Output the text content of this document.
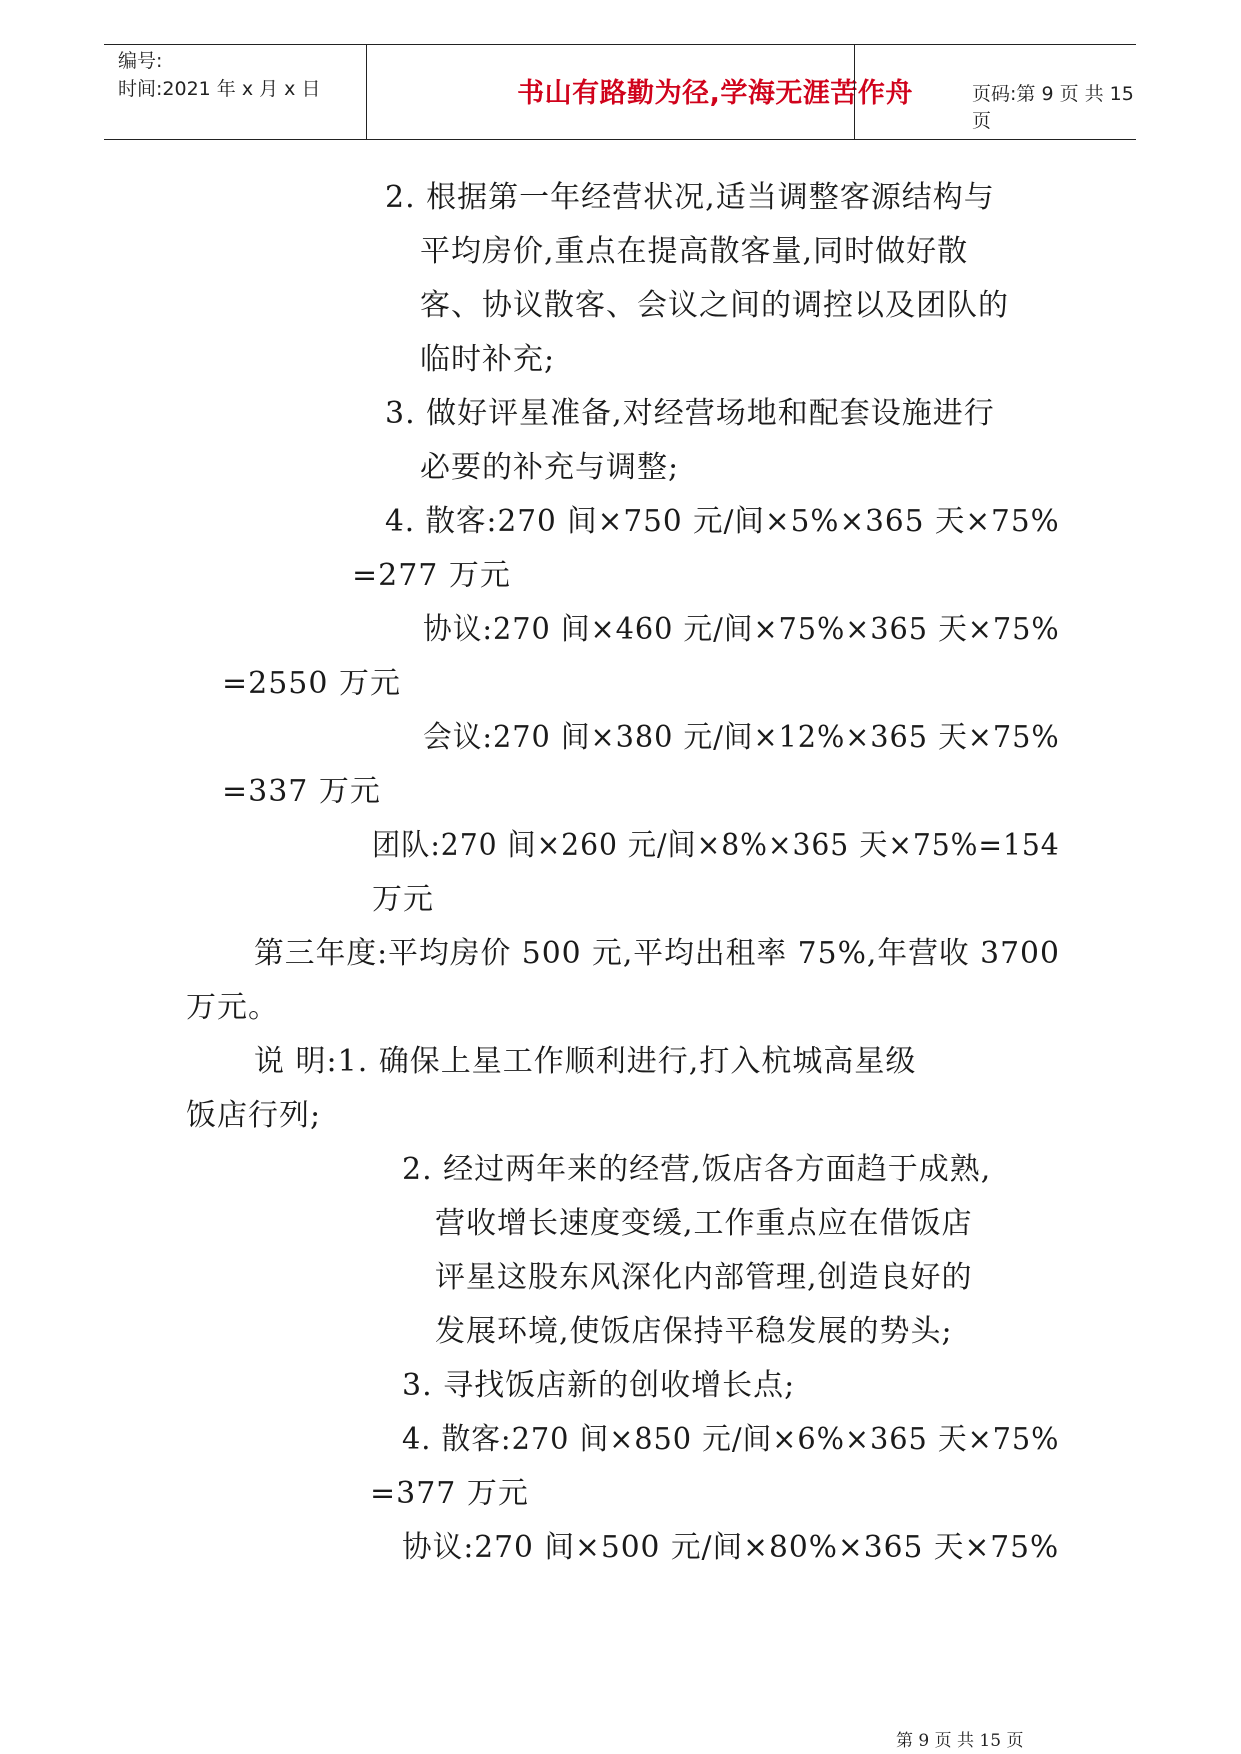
编号:
时间:2021 年 x 月 x 日	书山有路勤为径,学海无涯苦作舟	页码:第 9 页 共 15 页
2. 根据第一年经营状况,适当调整客源结构与
平均房价,重点在提高散客量,同时做好散
客、协议散客、会议之间的调控以及团队的
临时补充;
3. 做好评星准备,对经营场地和配套设施进行
必要的补充与调整;
4. 散客:270 间×750 元/间×5%×365 天×75%
=277 万元
协议:270 间×460 元/间×75%×365 天×75%
=2550 万元
会议:270 间×380 元/间×12%×365 天×75%
=337 万元
团队:270 间×260 元/间×8%×365 天×75%=154
万元
第三年度:平均房价 500 元,平均出租率 75%,年营收 3700
万元。
说 明:1. 确保上星工作顺利进行,打入杭城高星级
饭店行列;
2. 经过两年来的经营,饭店各方面趋于成熟,
营收增长速度变缓,工作重点应在借饭店
评星这股东风深化内部管理,创造良好的
发展环境,使饭店保持平稳发展的势头;
3. 寻找饭店新的创收增长点;
4. 散客:270 间×850 元/间×6%×365 天×75%
=377 万元
协议:270 间×500 元/间×80%×365 天×75%
第 9 页 共 15 页
